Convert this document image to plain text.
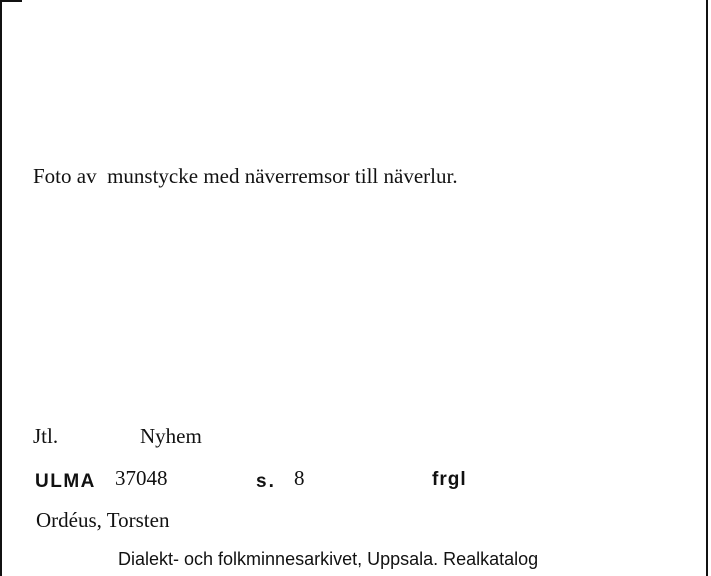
Foto av  munstycke med näverremsor till näverlur.
Jtl.	Nyhem
ULMA 37048	s. 8	frgl
Ordéus, Torsten
Dialekt- och folkminnesarkivet, Uppsala. Realkatalog
